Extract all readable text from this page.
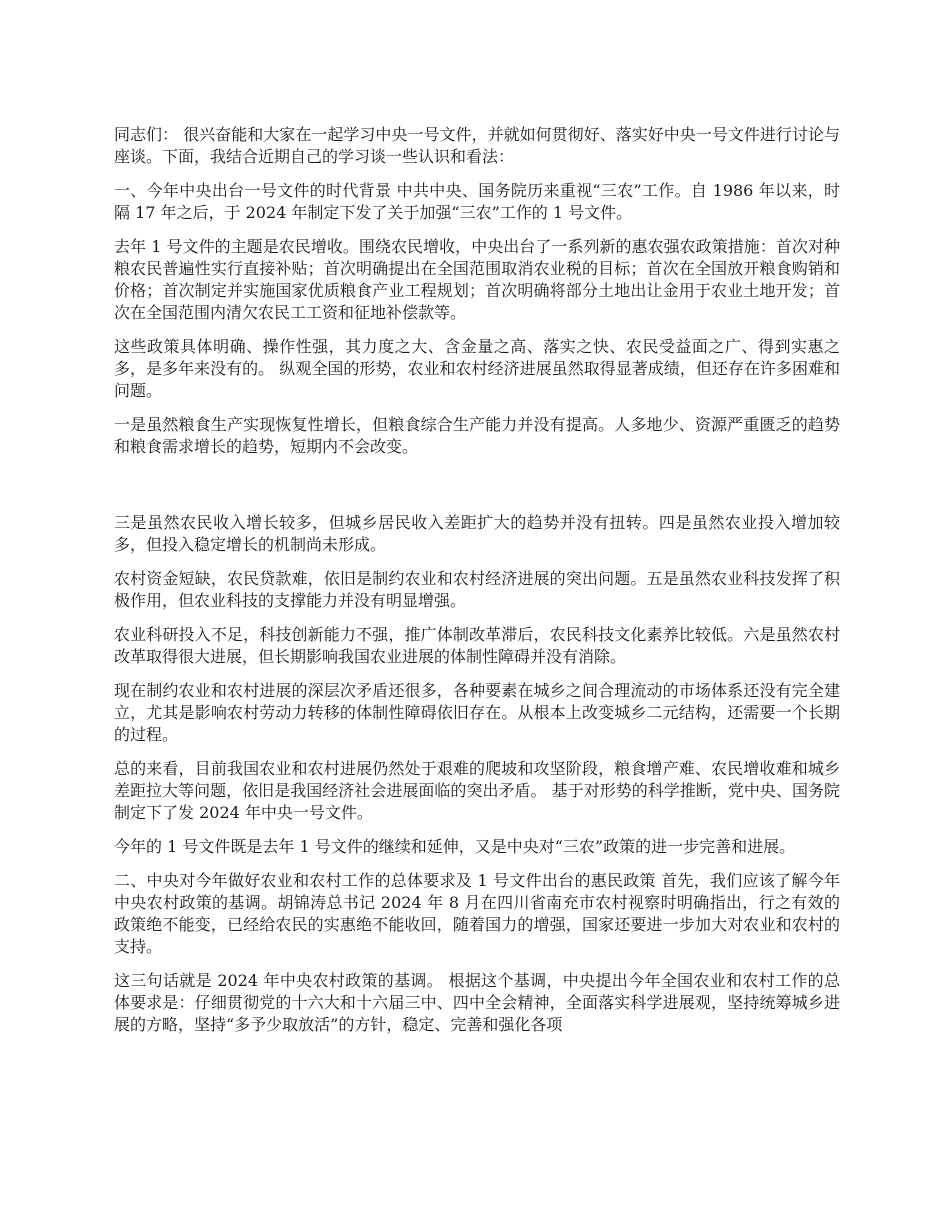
同志们： 很兴奋能和大家在一起学习中央一号文件，并就如何贯彻好、落实好中央一号文件进行讨论与座谈。下面，我结合近期自己的学习谈一些认识和看法：

一、今年中央出台一号文件的时代背景 中共中央、国务院历来重视“三农”工作。自 1986 年以来，时隔 17 年之后，于 2024 年制定下发了关于加强“三农”工作的 1 号文件。

去年 1 号文件的主题是农民增收。围绕农民增收，中央出台了一系列新的惠农强农政策措施：首次对种粮农民普遍性实行直接补贴；首次明确提出在全国范围取消农业税的目标；首次在全国放开粮食购销和价格；首次制定并实施国家优质粮食产业工程规划；首次明确将部分土地出让金用于农业土地开发；首次在全国范围内清欠农民工工资和征地补偿款等。

这些政策具体明确、操作性强，其力度之大、含金量之高、落实之快、农民受益面之广、得到实惠之多，是多年来没有的。 纵观全国的形势，农业和农村经济进展虽然取得显著成绩，但还存在许多困难和问题。

一是虽然粮食生产实现恢复性增长，但粮食综合生产能力并没有提高。人多地少、资源严重匮乏的趋势和粮食需求增长的趋势，短期内不会改变。

三是虽然农民收入增长较多，但城乡居民收入差距扩大的趋势并没有扭转。四是虽然农业投入增加较多，但投入稳定增长的机制尚未形成。

农村资金短缺，农民贷款难，依旧是制约农业和农村经济进展的突出问题。五是虽然农业科技发挥了积极作用，但农业科技的支撑能力并没有明显增强。

农业科研投入不足，科技创新能力不强，推广体制改革滞后，农民科技文化素养比较低。六是虽然农村改革取得很大进展，但长期影响我国农业进展的体制性障碍并没有消除。

现在制约农业和农村进展的深层次矛盾还很多，各种要素在城乡之间合理流动的市场体系还没有完全建立，尤其是影响农村劳动力转移的体制性障碍依旧存在。从根本上改变城乡二元结构，还需要一个长期的过程。

总的来看，目前我国农业和农村进展仍然处于艰难的爬坡和攻坚阶段，粮食增产难、农民增收难和城乡差距拉大等问题，依旧是我国经济社会进展面临的突出矛盾。 基于对形势的科学推断，党中央、国务院制定下了发 2024 年中央一号文件。

今年的 1 号文件既是去年 1 号文件的继续和延伸，又是中央对“三农”政策的进一步完善和进展。

二、中央对今年做好农业和农村工作的总体要求及 1 号文件出台的惠民政策 首先，我们应该了解今年中央农村政策的基调。胡锦涛总书记 2024 年 8 月在四川省南充市农村视察时明确指出，行之有效的政策绝不能变，已经给农民的实惠绝不能收回，随着国力的增强，国家还要进一步加大对农业和农村的支持。

这三句话就是 2024 年中央农村政策的基调。 根据这个基调，中央提出今年全国农业和农村工作的总体要求是：仔细贯彻党的十六大和十六届三中、四中全会精神，全面落实科学进展观，坚持统筹城乡进展的方略，坚持“多予少取放活”的方针，稳定、完善和强化各项
